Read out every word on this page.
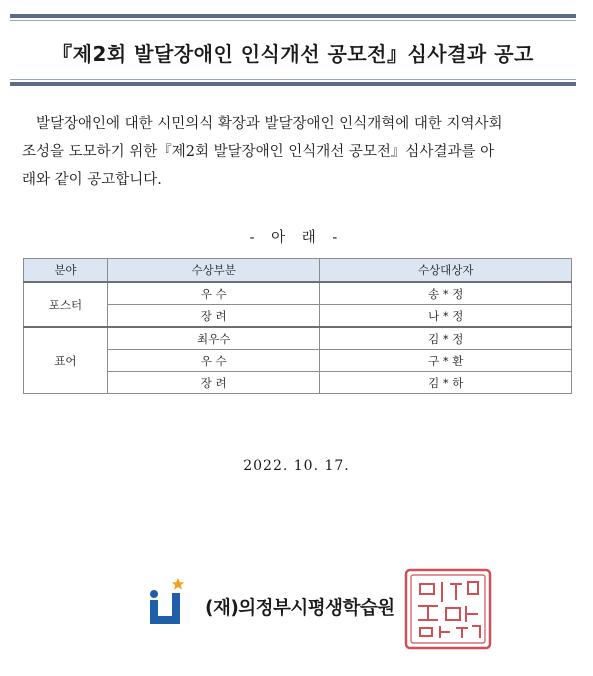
『제2회 발달장애인 인식개선 공모전』심사결과 공고

발달장애인에 대한 시민의식 확장과 발달장애인 인식개혁에 대한 지역사회

조성을 도모하기 위한『제2회 발달장애인 인식개선 공모전』심사결과를 아
래와 같이 공고합니다.
- 아 래 -
분야	수상부분	수상대상자
포스터	우 수	송 * 정
	장 려	나 * 정
표어	최우수	김 * 정
	우 수	구 * 환
	장 려	김 * 하
2022. 10. 17.
(재)의정부시평생학습원
